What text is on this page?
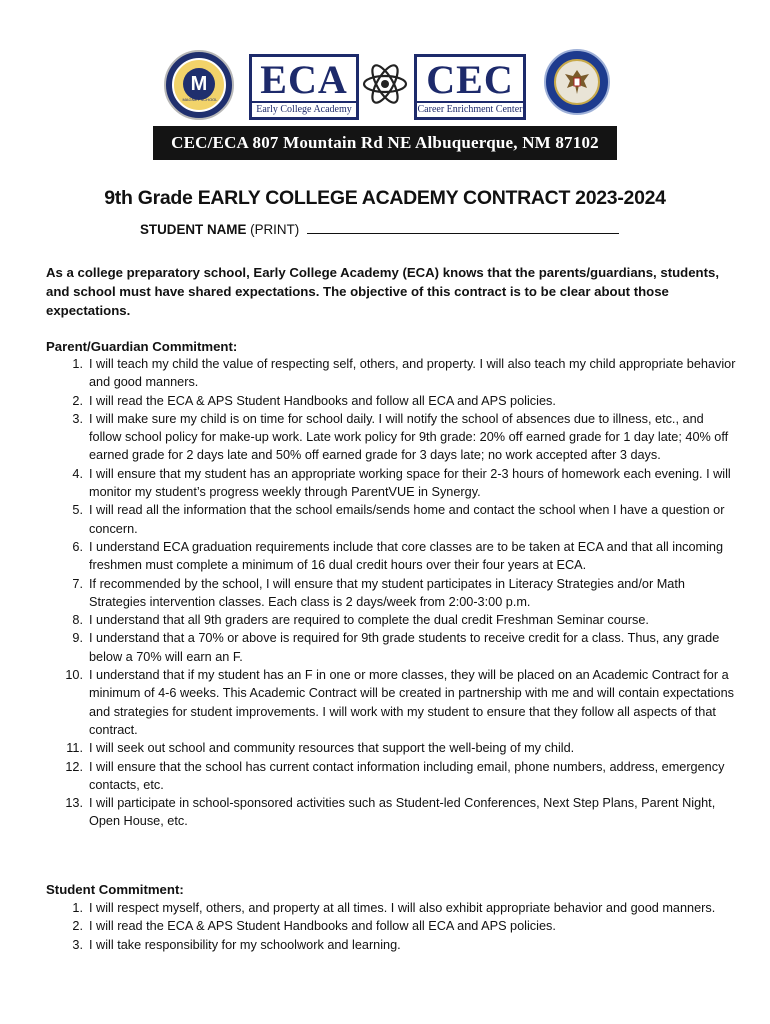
M
MAGNET SCHOOL ECA
Early College Academy
CEC
Career Enrichment Center
CEC/ECA 807 Mountain Rd NE Albuquerque, NM 87102
9th Grade EARLY COLLEGE ACADEMY CONTRACT 2023-2024
STUDENT NAME (PRINT)
As a college preparatory school, Early College Academy (ECA) knows that the parents/guardians, students, and school must have shared expectations. The objective of this contract is to be clear about those expectations.
Parent/Guardian Commitment:
1. I will teach my child the value of respecting self, others, and property. I will also teach my child appropriate behavior and good manners.
2. I will read the ECA & APS Student Handbooks and follow all ECA and APS policies.
3. I will make sure my child is on time for school daily. I will notify the school of absences due to illness, etc., and follow school policy for make-up work. Late work policy for 9th grade: 20% off earned grade for 1 day late; 40% off earned grade for 2 days late and 50% off earned grade for 3 days late; no work accepted after 3 days.
4. I will ensure that my student has an appropriate working space for their 2-3 hours of homework each evening. I will monitor my student’s progress weekly through ParentVUE in Synergy.
5. I will read all the information that the school emails/sends home and contact the school when I have a question or concern.
6. I understand ECA graduation requirements include that core classes are to be taken at ECA and that all incoming freshmen must complete a minimum of 16 dual credit hours over their four years at ECA.
7. If recommended by the school, I will ensure that my student participates in Literacy Strategies and/or Math Strategies intervention classes. Each class is 2 days/week from 2:00-3:00 p.m.
8. I understand that all 9th graders are required to complete the dual credit Freshman Seminar course.
9. I understand that a 70% or above is required for 9th grade students to receive credit for a class. Thus, any grade below a 70% will earn an F.
10. I understand that if my student has an F in one or more classes, they will be placed on an Academic Contract for a minimum of 4-6 weeks. This Academic Contract will be created in partnership with me and will contain expectations and strategies for student improvements. I will work with my student to ensure that they follow all aspects of that contract.
11. I will seek out school and community resources that support the well-being of my child.
12. I will ensure that the school has current contact information including email, phone numbers, address, emergency contacts, etc.
13. I will participate in school-sponsored activities such as Student-led Conferences, Next Step Plans, Parent Night, Open House, etc.
Student Commitment:
1. I will respect myself, others, and property at all times. I will also exhibit appropriate behavior and good manners.
2. I will read the ECA & APS Student Handbooks and follow all ECA and APS policies.
3. I will take responsibility for my schoolwork and learning.
